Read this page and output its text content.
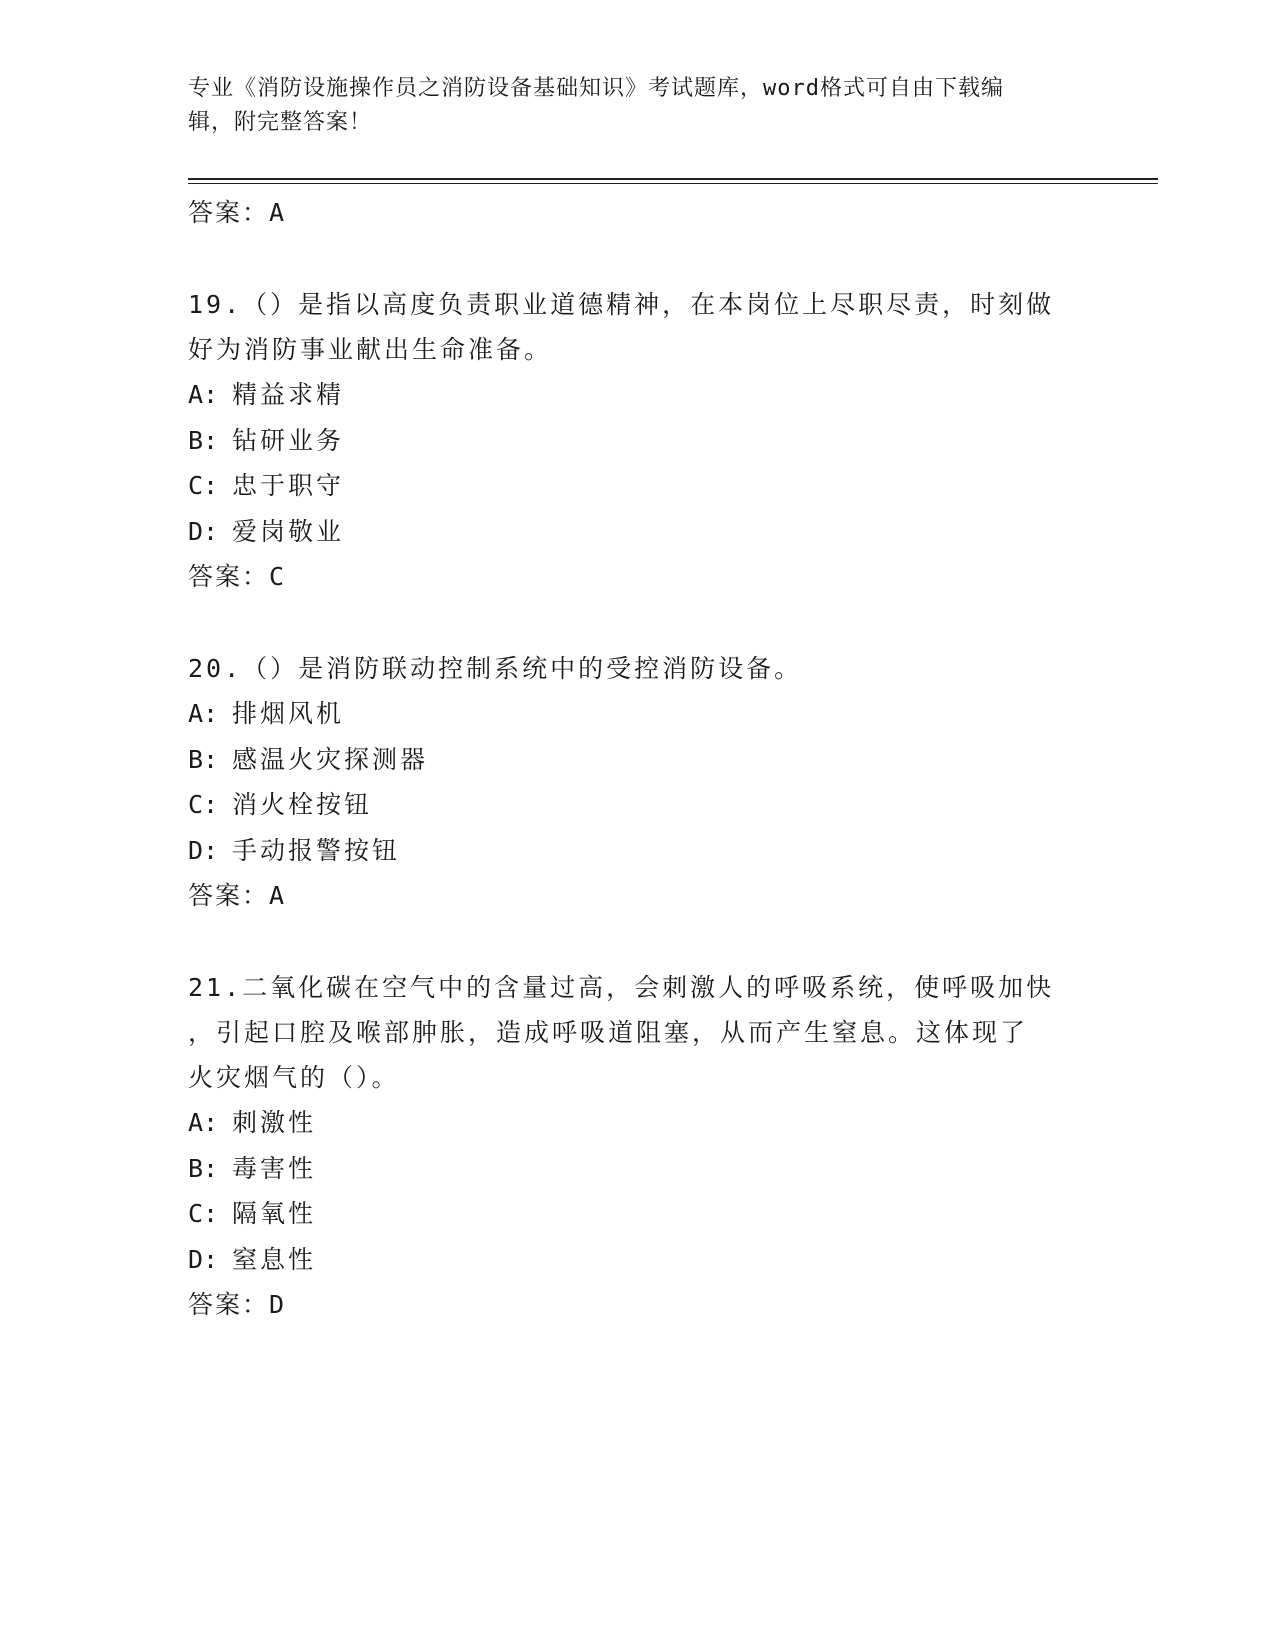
专业《消防设施操作员之消防设备基础知识》考试题库，word格式可自由下载编
辑，附完整答案！
答案：A
19.（）是指以高度负责职业道德精神，在本岗位上尽职尽责，时刻做
好为消防事业献出生命准备。
A: 精益求精
B: 钻研业务
C: 忠于职守
D: 爱岗敬业
答案：C
20.（）是消防联动控制系统中的受控消防设备。
A: 排烟风机
B: 感温火灾探测器
C: 消火栓按钮
D: 手动报警按钮
答案：A
21.二氧化碳在空气中的含量过高，会刺激人的呼吸系统，使呼吸加快
，引起口腔及喉部肿胀，造成呼吸道阻塞，从而产生窒息。这体现了
火灾烟气的（）。
A: 刺激性
B: 毒害性
C: 隔氧性
D: 窒息性
答案：D
